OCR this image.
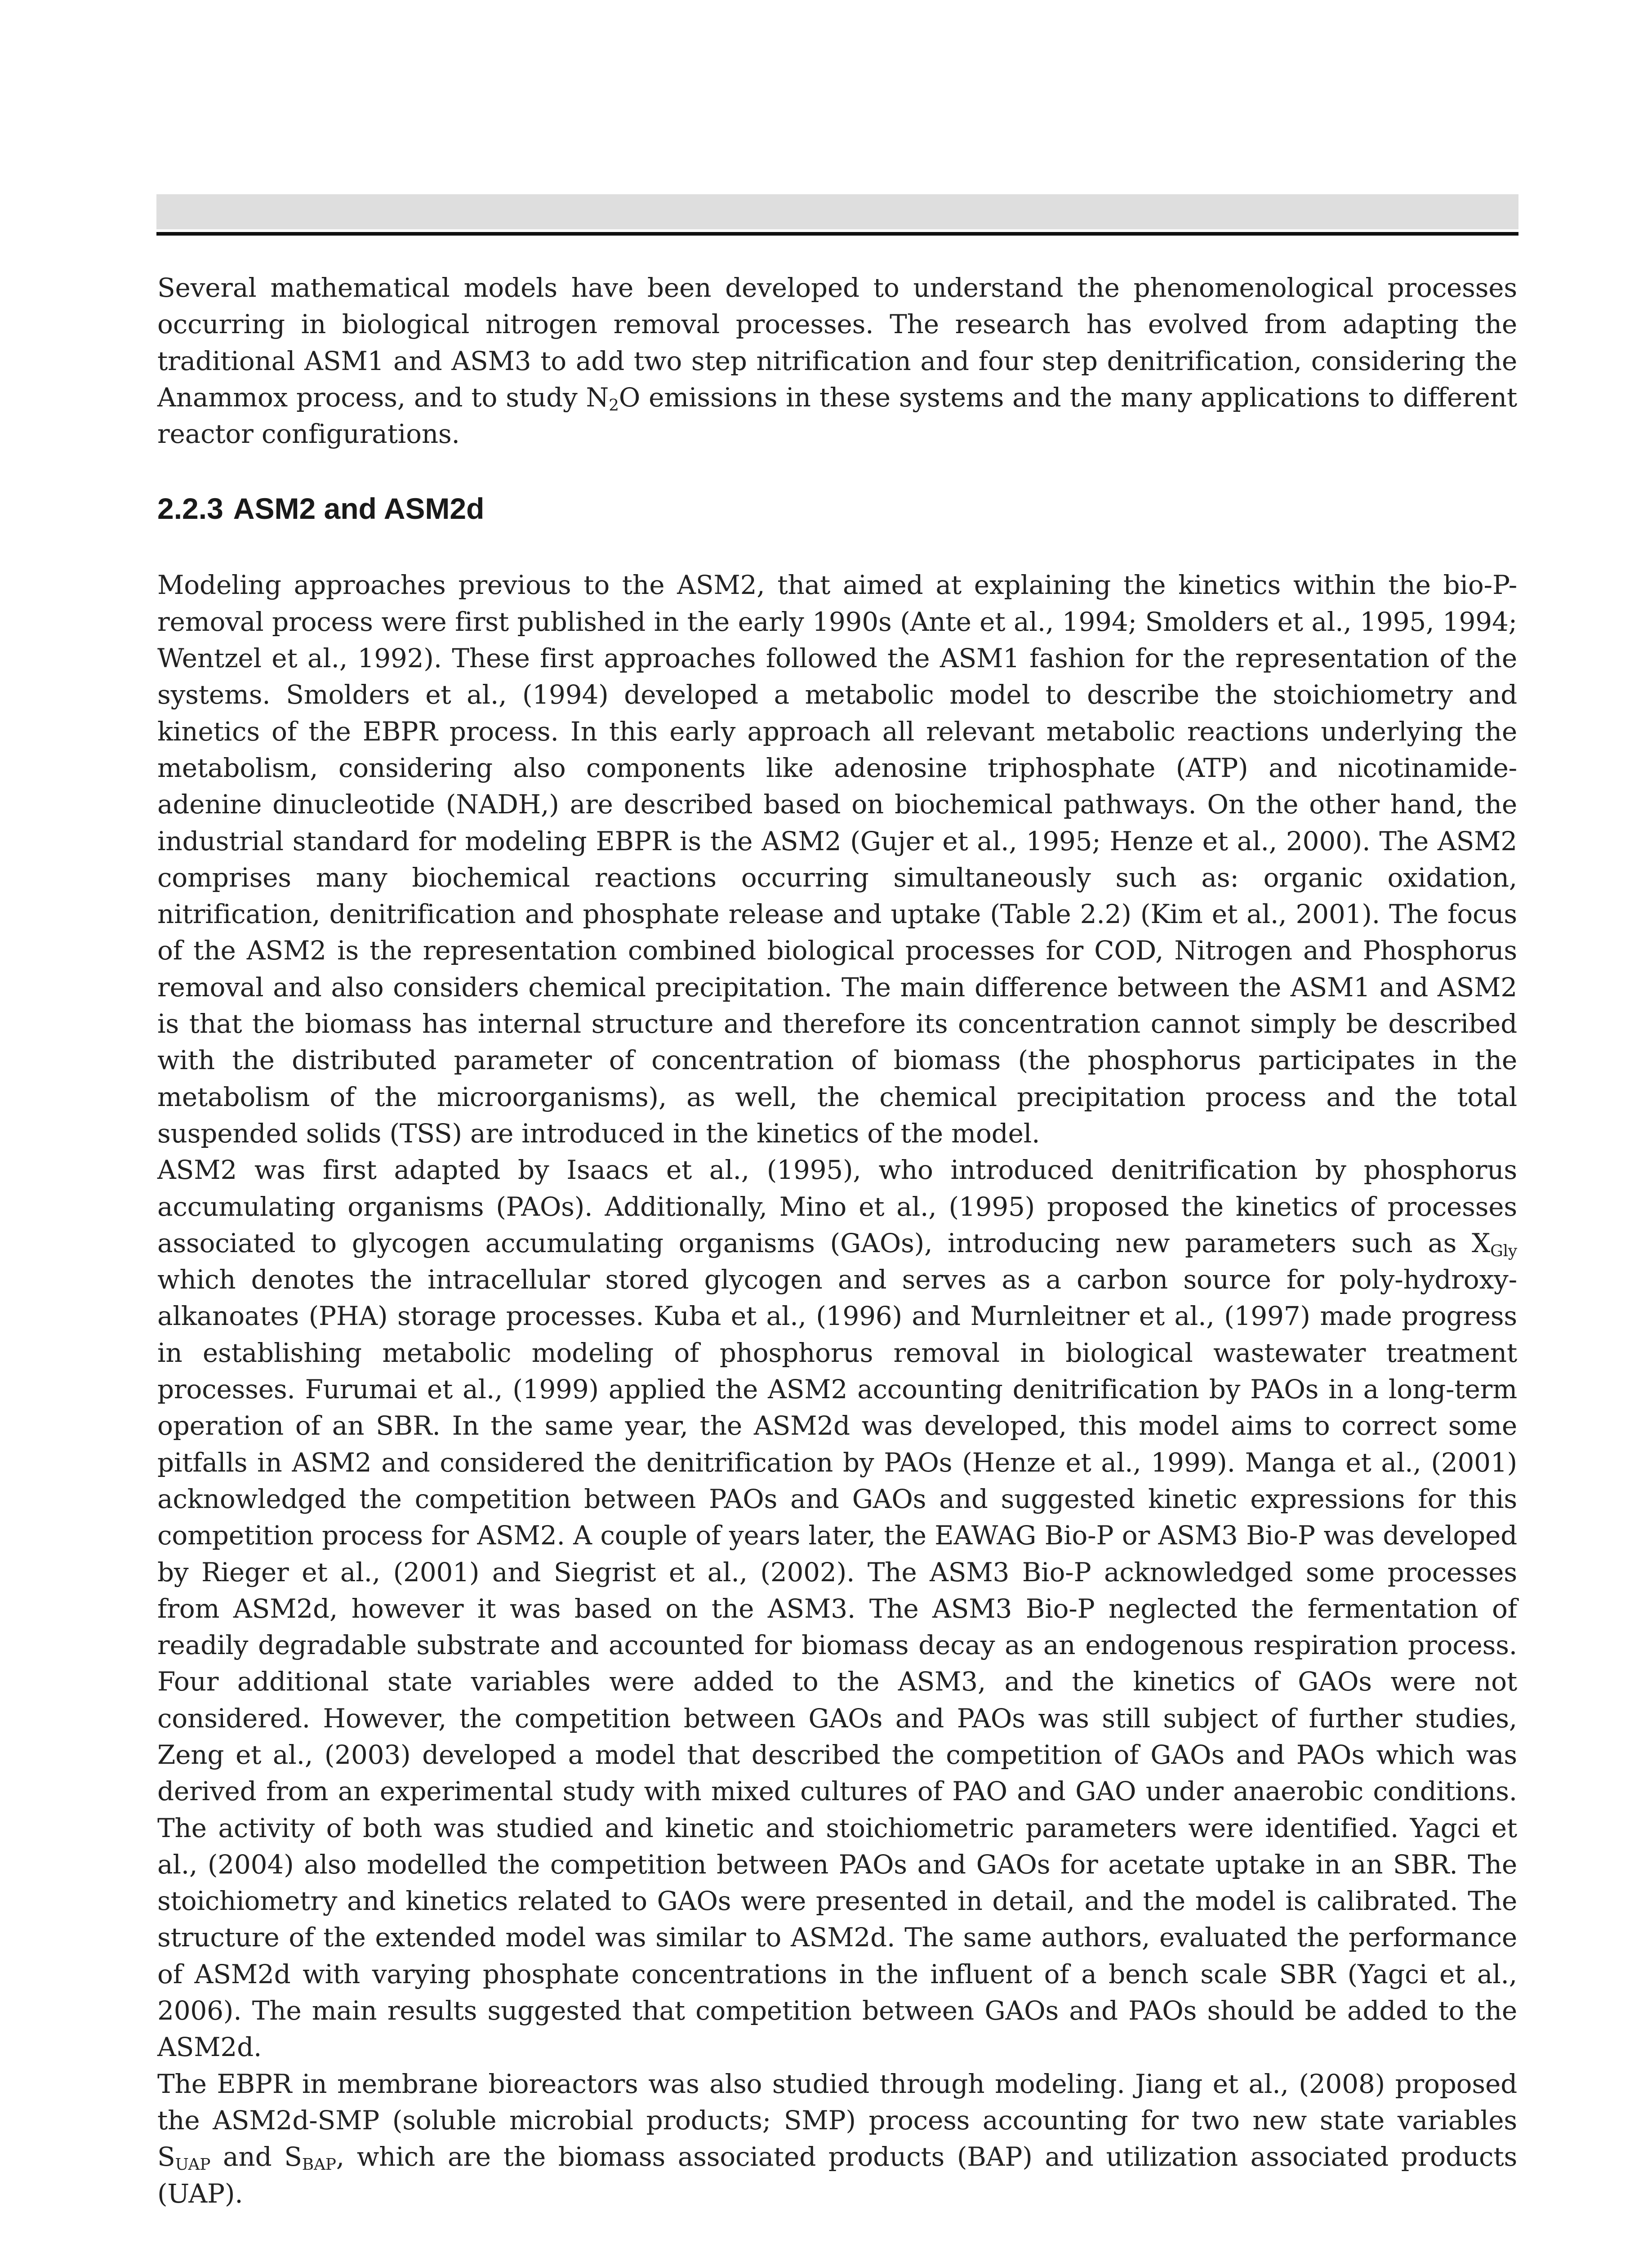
Several mathematical models have been developed to understand the phenomenological processes occurring in biological nitrogen removal processes. The research has evolved from adapting the traditional ASM1 and ASM3 to add two step nitrification and four step denitrification, considering the Anammox process, and to study $N_2O$ emissions in these systems and the many applications to different reactor configurations.

2.2.3 ASM2 and ASM2d

Modeling approaches previous to the ASM2, that aimed at explaining the kinetics within the bio-P-removal process were first published in the early 1990s (Ante et al., 1994; Smolders et al., 1995, 1994; Wentzel et al., 1992). These first approaches followed the ASM1 fashion for the representation of the systems. Smolders et al., (1994) developed a metabolic model to describe the stoichiometry and kinetics of the EBPR process. In this early approach all relevant metabolic reactions underlying the metabolism, considering also components like adenosine triphosphate (ATP) and nicotinamide- adenine dinucleotide (NADH,) are described based on biochemical pathways. On the other hand, the industrial standard for modeling EBPR is the ASM2 (Gujer et al., 1995; Henze et al., 2000). The ASM2 comprises many biochemical reactions occurring simultaneously such as: organic oxidation, nitrification, denitrification and phosphate release and uptake (Table 2.2) (Kim et al., 2001). The focus of the ASM2 is the representation combined biological processes for COD, Nitrogen and Phosphorus removal and also considers chemical precipitation. The main difference between the ASM1 and ASM2 is that the biomass has internal structure and therefore its concentration cannot simply be described with the distributed parameter of concentration of biomass (the phosphorus participates in the metabolism of the microorganisms), as well, the chemical precipitation process and the total suspended solids (TSS) are introduced in the kinetics of the model.

ASM2 was first adapted by Isaacs et al., (1995), who introduced denitrification by phosphorus accumulating organisms (PAOs). Additionally, Mino et al., (1995) proposed the kinetics of processes associated to glycogen accumulating organisms (GAOs), introducing new parameters such as $X_{Gly}$ which denotes the intracellular stored glycogen and serves as a carbon source for poly-hydroxy-alkanoates (PHA) storage processes. Kuba et al., (1996) and Murnleitner et al., (1997) made progress in establishing metabolic modeling of phosphorus removal in biological wastewater treatment processes. Furumai et al., (1999) applied the ASM2 accounting denitrification by PAOs in a long-term operation of an SBR. In the same year, the ASM2d was developed, this model aims to correct some pitfalls in ASM2 and considered the denitrification by PAOs (Henze et al., 1999). Manga et al., (2001) acknowledged the competition between PAOs and GAOs and suggested kinetic expressions for this competition process for ASM2. A couple of years later, the EAWAG Bio-P or ASM3 Bio-P was developed by Rieger et al., (2001) and Siegrist et al., (2002). The ASM3 Bio-P acknowledged some processes from ASM2d, however it was based on the ASM3. The ASM3 Bio-P neglected the fermentation of readily degradable substrate and accounted for biomass decay as an endogenous respiration process. Four additional state variables were added to the ASM3, and the kinetics of GAOs were not considered. However, the competition between GAOs and PAOs was still subject of further studies, Zeng et al., (2003) developed a model that described the competition of GAOs and PAOs which was derived from an experimental study with mixed cultures of PAO and GAO under anaerobic conditions. The activity of both was studied and kinetic and stoichiometric parameters were identified. Yagci et al., (2004) also modelled the competition between PAOs and GAOs for acetate uptake in an SBR. The stoichiometry and kinetics related to GAOs were presented in detail, and the model is calibrated. The structure of the extended model was similar to ASM2d. The same authors, evaluated the performance of ASM2d with varying phosphate concentrations in the influent of a bench scale SBR (Yagci et al., 2006). The main results suggested that competition between GAOs and PAOs should be added to the ASM2d.

The EBPR in membrane bioreactors was also studied through modeling. Jiang et al., (2008) proposed the ASM2d-SMP (soluble microbial products; SMP) process accounting for two new state variables $S_{UAP}$ and $S_{BAP}$, which are the biomass associated products (BAP) and utilization associated products (UAP).
